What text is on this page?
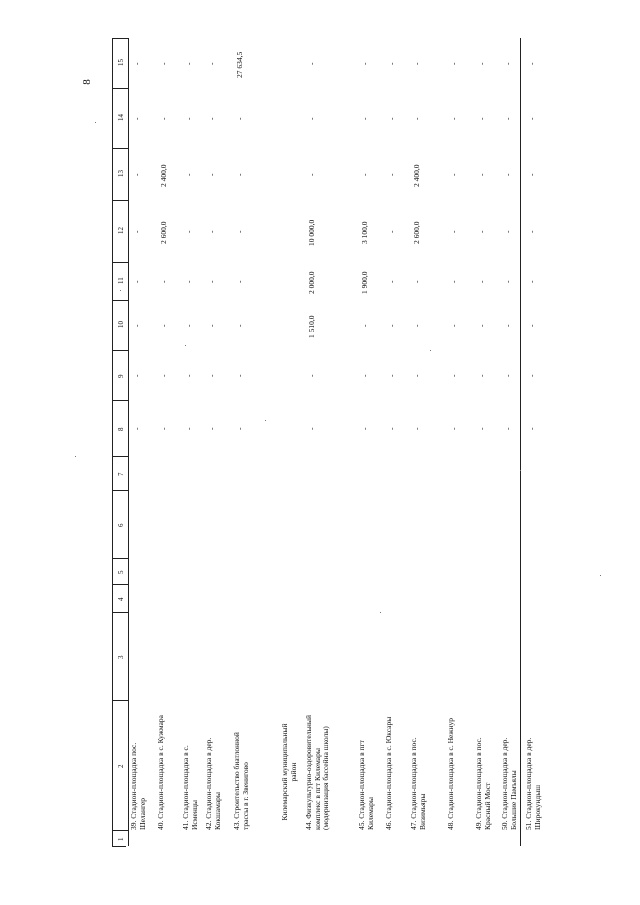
8
1
2
3
4
5
6
7
8
9
10
11
12
13
14
15
39. Стадион-площадка пос. Шелангер
-
-
-
-
-
-
-
-
40. Стадион-площадка в с. Кужмара
-
-
-
-
2 600,0
2 400,0
-
-
41. Стадион-площадка в с. Исменцы
-
-
-
-
-
-
-
-
42. Стадион-площадка в дер. Кокшамары
-
-
-
-
-
-
-
-
43. Строительство биатлонной трассы в г. Звенигово
-
-
-
-
-
-
-
27 634,5
Килемарский муниципальный район 44. Физкультурно-оздоровительный комплекс в пгт Килемары (модернизация бассейна школы)
-
-
1 510,0
2 000,0
10 000,0
-
-
-
45. Стадион-площадка в пгт Килемары
-
-
-
1 900,0
3 100,0
-
-
-
46. Стадион-площадка в с. Юксары
-
-
-
-
-
-
-
-
47. Стадион-площадка в пос. Визимьяры
-
-
-
-
2 600,0
2 400,0
-
-
48. Стадион-площадка в с. Нежнур
-
-
-
-
-
-
-
-
49. Стадион-площадка в пос. Красный Мост
-
-
-
-
-
-
-
-
50. Стадион-площадка в дер. Большие Памъялы
-
-
-
-
-
-
-
-
51. Стадион-площадка в дер. Широкундыш
-
-
-
-
-
-
-
-
